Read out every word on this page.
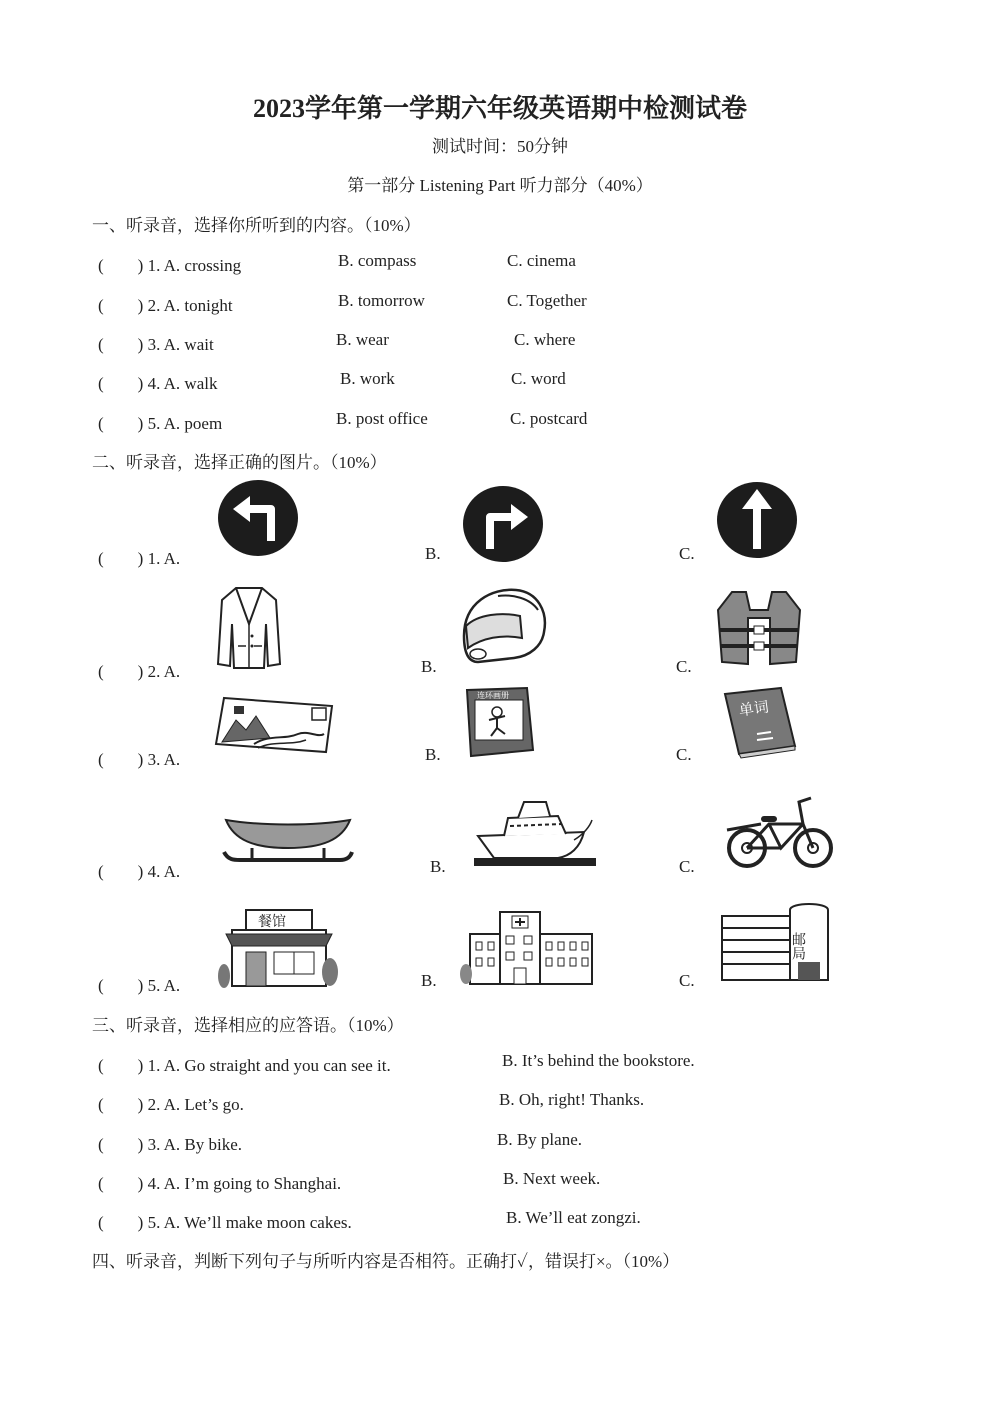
2023学年第一学期六年级英语期中检测试卷
测试时间：50分钟
第一部分 Listening Part 听力部分（40%）
一、听录音，选择你所听到的内容。（10%）
(　　) 1. A. crossing	B. compass	C. cinema
(　　) 2. A. tonight	B. tomorrow	C. Together
(　　) 3. A. wait	B. wear	C. where
(　　) 4. A. walk	B. work	C. word
(　　) 5. A. poem	B. post office	C. postcard
二、听录音，选择正确的图片。（10%）
(　　) 1. A.	B.	C.
(　　) 2. A.	B.	C.
(　　) 3. A.	B.	C.
连环画册
单词
(　　) 4. A.	B.	C.
(　　) 5. A.	B.	C.
餐馆
邮局
三、听录音，选择相应的应答语。（10%）
(　　) 1. A. Go straight and you can see it.	B. It’s behind the bookstore.
(　　) 2. A. Let’s go.	B. Oh, right! Thanks.
(　　) 3. A. By bike.	B. By plane.
(　　) 4. A. I’m going to Shanghai.	B. Next week.
(　　) 5. A. We’ll make moon cakes.	B. We’ll eat zongzi.
四、听录音，判断下列句子与所听内容是否相符。正确打✓，错误打×。（10%）
